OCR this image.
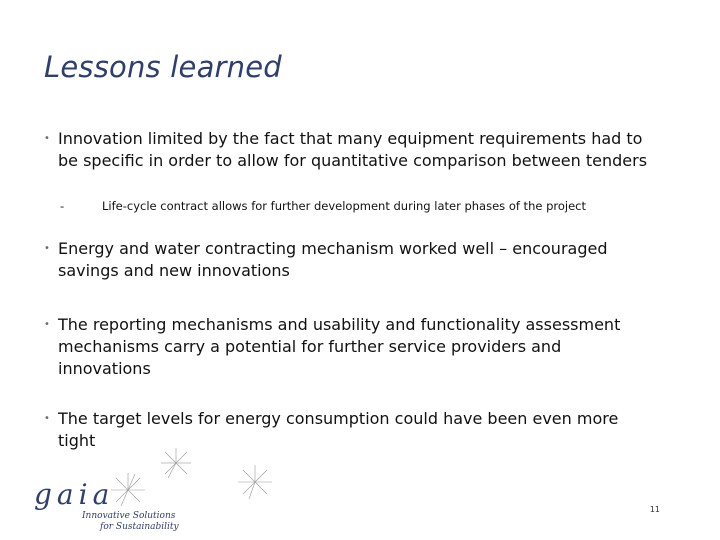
Lessons learned
• Innovation limited by the fact that many equipment requirements had to be specific in order to allow for quantitative comparison between tenders
-	Life-cycle contract allows for further development during later phases of the project
• Energy and water contracting mechanism worked well – encouraged savings and new innovations
• The reporting mechanisms and usability and functionality assessment mechanisms carry a potential for further service providers and innovations
• The target levels for energy consumption could have been even more tight
gaia
Innovative Solutions
for Sustainability
11
